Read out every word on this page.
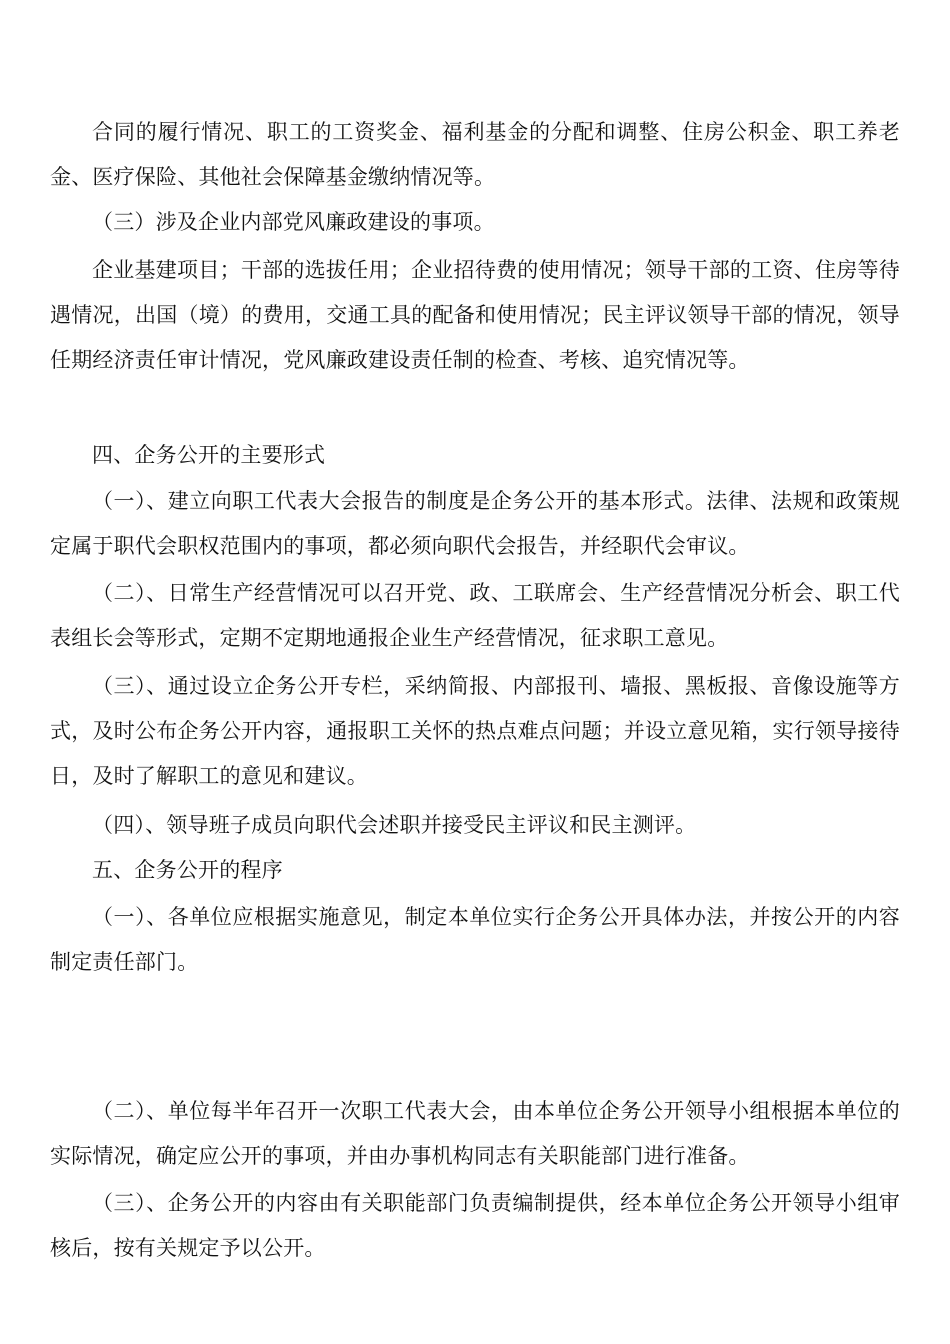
合同的履行情况、职工的工资奖金、福利基金的分配和调整、住房公积金、职工养老金、医疗保险、其他社会保障基金缴纳情况等。

（三）涉及企业内部党风廉政建设的事项。

企业基建项目；干部的选拔任用；企业招待费的使用情况；领导干部的工资、住房等待遇情况，出国（境）的费用，交通工具的配备和使用情况；民主评议领导干部的情况，领导任期经济责任审计情况，党风廉政建设责任制的检查、考核、追究情况等。

四、企务公开的主要形式

（一）、建立向职工代表大会报告的制度是企务公开的基本形式。法律、法规和政策规定属于职代会职权范围内的事项，都必须向职代会报告，并经职代会审议。

（二）、日常生产经营情况可以召开党、政、工联席会、生产经营情况分析会、职工代表组长会等形式，定期不定期地通报企业生产经营情况，征求职工意见。

（三）、通过设立企务公开专栏，采纳简报、内部报刊、墙报、黑板报、音像设施等方式，及时公布企务公开内容，通报职工关怀的热点难点问题；并设立意见箱，实行领导接待日，及时了解职工的意见和建议。

（四）、领导班子成员向职代会述职并接受民主评议和民主测评。

五、企务公开的程序

（一）、各单位应根据实施意见，制定本单位实行企务公开具体办法，并按公开的内容制定责任部门。

（二）、单位每半年召开一次职工代表大会，由本单位企务公开领导小组根据本单位的实际情况，确定应公开的事项，并由办事机构同志有关职能部门进行准备。

（三）、企务公开的内容由有关职能部门负责编制提供，经本单位企务公开领导小组审核后，按有关规定予以公开。
